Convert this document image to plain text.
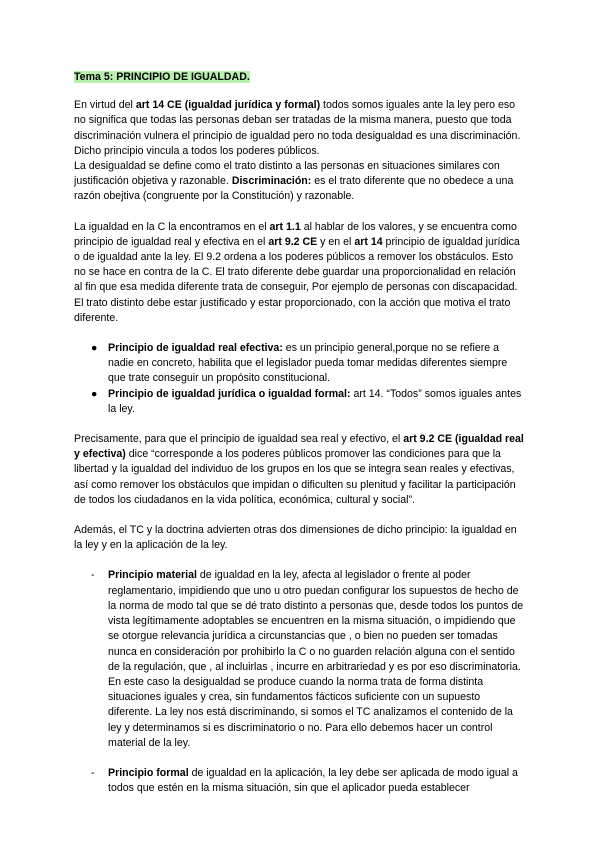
Tema 5: PRINCIPIO DE IGUALDAD.

En virtud del art 14 CE (igualdad jurídica y formal) todos somos iguales ante la ley pero eso no significa que todas las personas deban ser tratadas de la misma manera, puesto que toda discriminación vulnera el principio de igualdad pero no toda desigualdad es una discriminación. Dicho principio vincula a todos los poderes públicos.

La desigualdad se define como el trato distinto a las personas en situaciones similares con justificación objetiva y razonable. Discriminación: es el trato diferente que no obedece a una razón obejtiva (congruente por la Constitución) y razonable.

La igualdad en la C la encontramos en el art 1.1 al hablar de los valores, y se encuentra como principio de igualdad real y efectiva en el art 9.2 CE y en el art 14 principio de igualdad jurídica o de igualdad ante la ley. El 9.2 ordena a los poderes públicos a remover los obstáculos. Esto no se hace en contra de la C. El trato diferente debe guardar una proporcionalidad en relación al fin que esa medida diferente trata de conseguir, Por ejemplo de personas con discapacidad. El trato distinto debe estar justificado y estar proporcionado, con la acción que motiva el trato diferente.

● Principio de igualdad real efectiva: es un principio general,porque no se refiere a nadie en concreto, habilita que el legislador pueda tomar medidas diferentes siempre que trate conseguir un propósito constitucional.
● Principio de igualdad jurídica o igualdad formal: art 14. “Todos” somos iguales antes la ley.

Precisamente, para que el principio de igualdad sea real y efectivo, el art 9.2 CE (igualdad real y efectiva) dice “corresponde a los poderes públicos promover las condiciones para que la libertad y la igualdad del individuo de los grupos en los que se integra sean reales y efectivas, así como remover los obstáculos que impidan o dificulten su plenitud y facilitar la participación de todos los ciudadanos en la vida política, económica, cultural y social”.

Además, el TC y la doctrina advierten otras dos dimensiones de dicho principio: la igualdad en la ley y en la aplicación de la ley.

- Principio material de igualdad en la ley, afecta al legislador o frente al poder reglamentario, impidiendo que uno u otro puedan configurar los supuestos de hecho de la norma de modo tal que se dé trato distinto a personas que, desde todos los puntos de vista legítimamente adoptables se encuentren en la misma situación, o impidiendo que se otorgue relevancia jurídica a circunstancias que , o bien no pueden ser tomadas nunca en consideración por prohibirlo la C o no guarden relación alguna con el sentido de la regulación, que , al incluirlas , incurre en arbitrariedad y es por eso discriminatoria. En este caso la desigualdad se produce cuando la norma trata de forma distinta situaciones iguales y crea, sin fundamentos fácticos suficiente con un supuesto diferente. La ley nos está discriminando, si somos el TC analizamos el contenido de la ley y determinamos si es discriminatorio o no. Para ello debemos hacer un control material de la ley.
- Principio formal de igualdad en la aplicación, la ley debe ser aplicada de modo igual a todos que estén en la misma situación, sin que el aplicador pueda establecer
